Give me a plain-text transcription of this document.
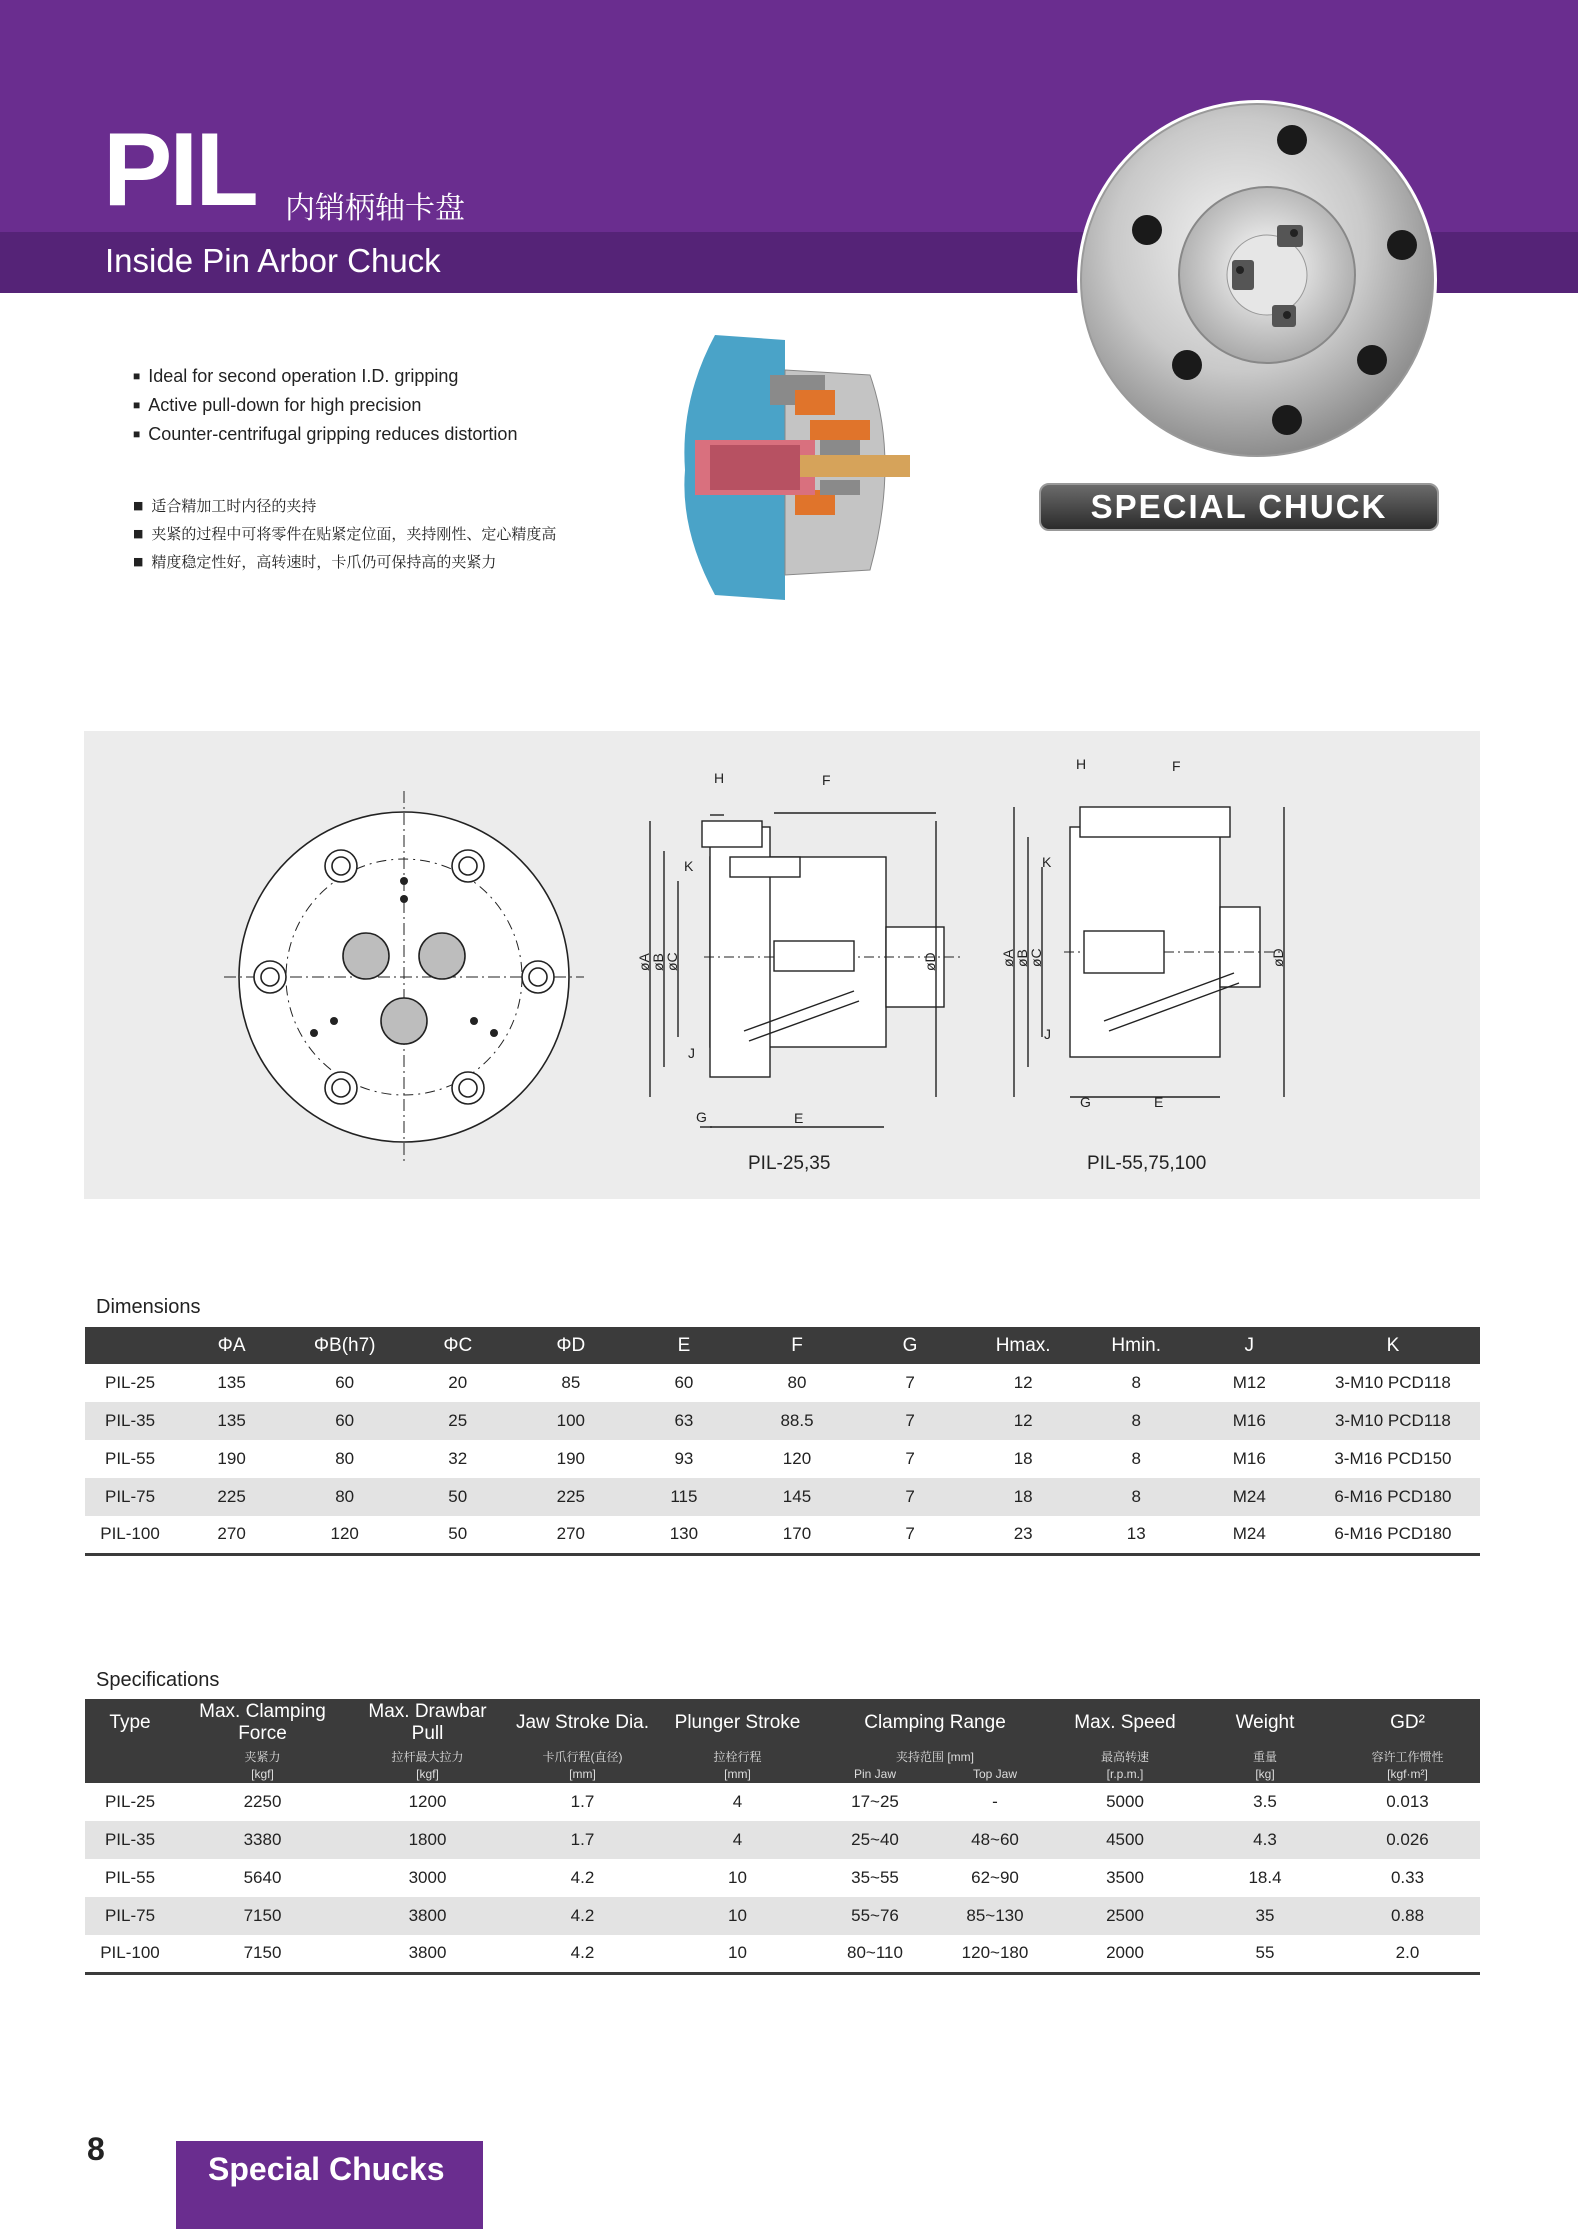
PIL 内销柄轴卡盘
Inside Pin Arbor Chuck
SPECIAL CHUCK
■ Ideal for second operation I.D. gripping
■ Active pull-down for high precision
■ Counter-centrifugal gripping reduces distortion
■ 适合精加工时内径的夹持
■ 夹紧的过程中可将零件在贴紧定位面，夹持刚性、定心精度高
■ 精度稳定性好，高转速时，卡爪仍可保持高的夹紧力
H	F
K
J
G	E
øA
øB
øC	øD
H	F
K
J
G	E
øA
øB
øC	øD
PIL-25,35	PIL-55,75,100
Dimensions
	ΦA	ΦB(h7)	ΦC	ΦD	E	F	G	Hmax.	Hmin.	J	K
PIL-25	135	60	20	85	60	80	7	12	8	M12	3-M10 PCD118
PIL-35	135	60	25	100	63	88.5	7	12	8	M16	3-M10 PCD118
PIL-55	190	80	32	190	93	120	7	18	8	M16	3-M16 PCD150
PIL-75	225	80	50	225	115	145	7	18	8	M24	6-M16 PCD180
PIL-100	270	120	50	270	130	170	7	23	13	M24	6-M16 PCD180
Specifications
Type	Max. Clamping Force	Max. Drawbar Pull	Jaw Stroke Dia.	Plunger Stroke	Clamping Range		Max. Speed	Weight	GD²
	夹紧力	拉杆最大拉力	卡爪行程(直径)	拉栓行程	夹持范围 [mm]		最高转速	重量	容许工作惯性
	[kgf]	[kgf]	[mm]	[mm]	Pin Jaw	Top Jaw	[r.p.m.]	[kg]	[kgf·m²]
PIL-25	2250	1200	1.7	4	17~25	-	5000	3.5	0.013
PIL-35	3380	1800	1.7	4	25~40	48~60	4500	4.3	0.026
PIL-55	5640	3000	4.2	10	35~55	62~90	3500	18.4	0.33
PIL-75	7150	3800	4.2	10	55~76	85~130	2500	35	0.88
PIL-100	7150	3800	4.2	10	80~110	120~180	2000	55	2.0
8
Special Chucks
